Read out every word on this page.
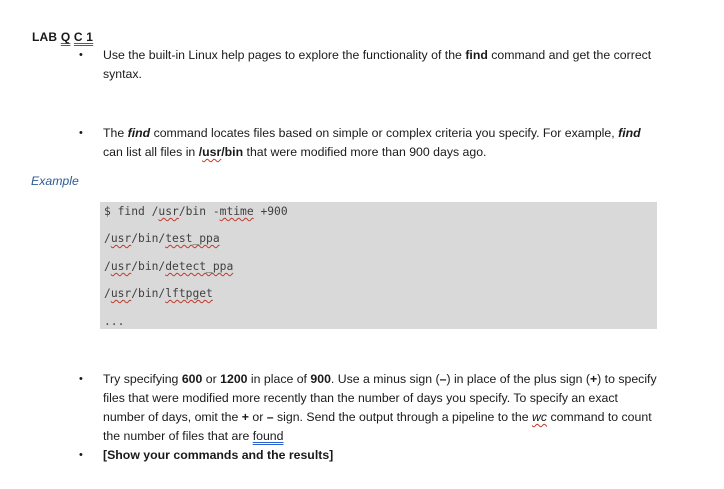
LAB Q C 1
•	Use the built-in Linux help pages to explore the functionality of the find command and get the correct syntax.
•	The find command locates files based on simple or complex criteria you specify. For example, find can list all files in /usr/bin that were modified more than 900 days ago.
Example
$ find /usr/bin -mtime +900
/usr/bin/test_ppa
/usr/bin/detect_ppa
/usr/bin/lftpget
...
•	Try specifying 600 or 1200 in place of 900. Use a minus sign (–) in place of the plus sign (+) to specify files that were modified more recently than the number of days you specify. To specify an exact number of days, omit the + or – sign. Send the output through a pipeline to the wc command to count the number of files that are found
•	[Show your commands and the results]
